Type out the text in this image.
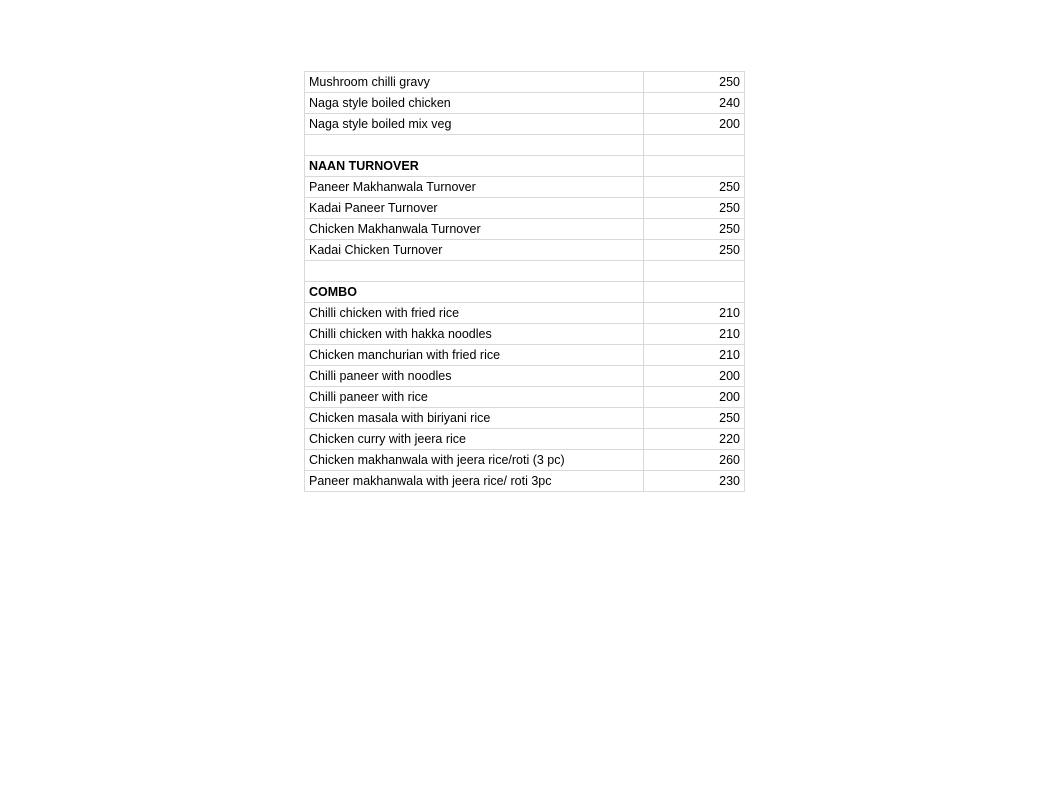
Mushroom chilli gravy	250
Naga style boiled chicken	240
Naga style boiled mix veg	200

NAAN TURNOVER	
Paneer Makhanwala Turnover	250
Kadai Paneer Turnover	250
Chicken Makhanwala Turnover	250
Kadai Chicken Turnover	250

COMBO	
Chilli chicken with fried rice	210
Chilli chicken with hakka noodles	210
Chicken manchurian with fried rice	210
Chilli paneer with noodles	200
Chilli paneer with rice	200
Chicken masala with biriyani rice	250
Chicken curry with jeera rice	220
Chicken makhanwala with jeera rice/roti (3 pc)	260
Paneer makhanwala with jeera rice/ roti 3pc	230
